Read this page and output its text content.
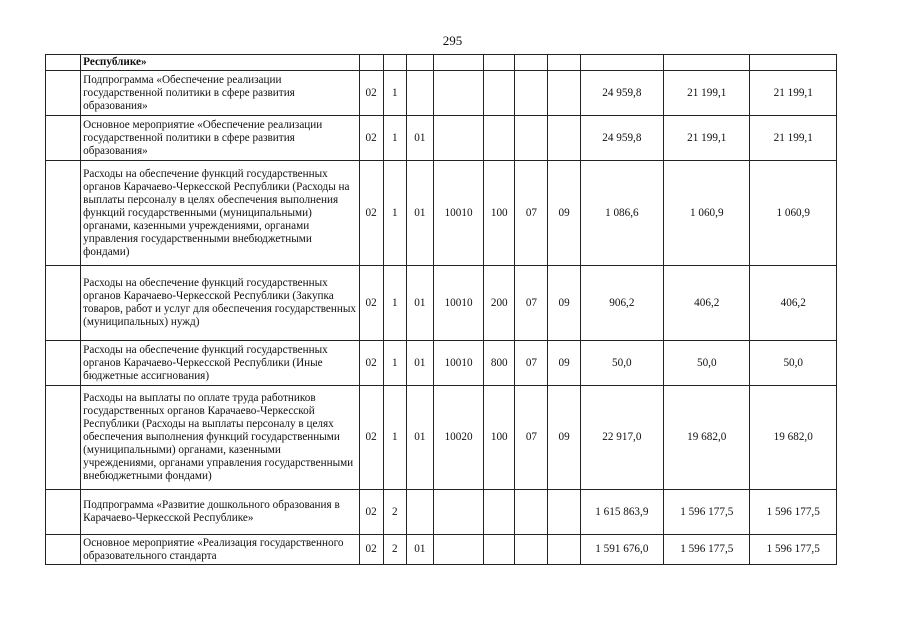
295
	Республике»										
	Подпрограмма «Обеспечение реализации государственной политики в сфере развития образования»	02	1						24 959,8	21 199,1	21 199,1
	Основное мероприятие «Обеспечение реализации государственной политики в сфере развития образования»	02	1	01					24 959,8	21 199,1	21 199,1
	Расходы на обеспечение функций государственных органов Карачаево-Черкесской Республики (Расходы на выплаты персоналу в целях обеспечения выполнения функций государственными (муниципальными) органами, казенными учреждениями, органами управления государственными внебюджетными фондами)	02	1	01	10010	100	07	09	1 086,6	1 060,9	1 060,9
	Расходы на обеспечение функций государственных органов Карачаево-Черкесской Республики (Закупка товаров, работ и услуг для обеспечения государственных (муниципальных) нужд)	02	1	01	10010	200	07	09	906,2	406,2	406,2
	Расходы на обеспечение функций государственных органов Карачаево-Черкесской Республики (Иные бюджетные ассигнования)	02	1	01	10010	800	07	09	50,0	50,0	50,0
	Расходы на выплаты по оплате труда работников государственных органов Карачаево-Черкесской Республики (Расходы на выплаты персоналу в целях обеспечения выполнения функций государственными (муниципальными) органами, казенными учреждениями, органами управления государственными внебюджетными фондами)	02	1	01	10020	100	07	09	22 917,0	19 682,0	19 682,0
	Подпрограмма «Развитие дошкольного образования в Карачаево-Черкесской Республике»	02	2						1 615 863,9	1 596 177,5	1 596 177,5
	Основное мероприятие «Реализация государственного образовательного стандарта	02	2	01					1 591 676,0	1 596 177,5	1 596 177,5
